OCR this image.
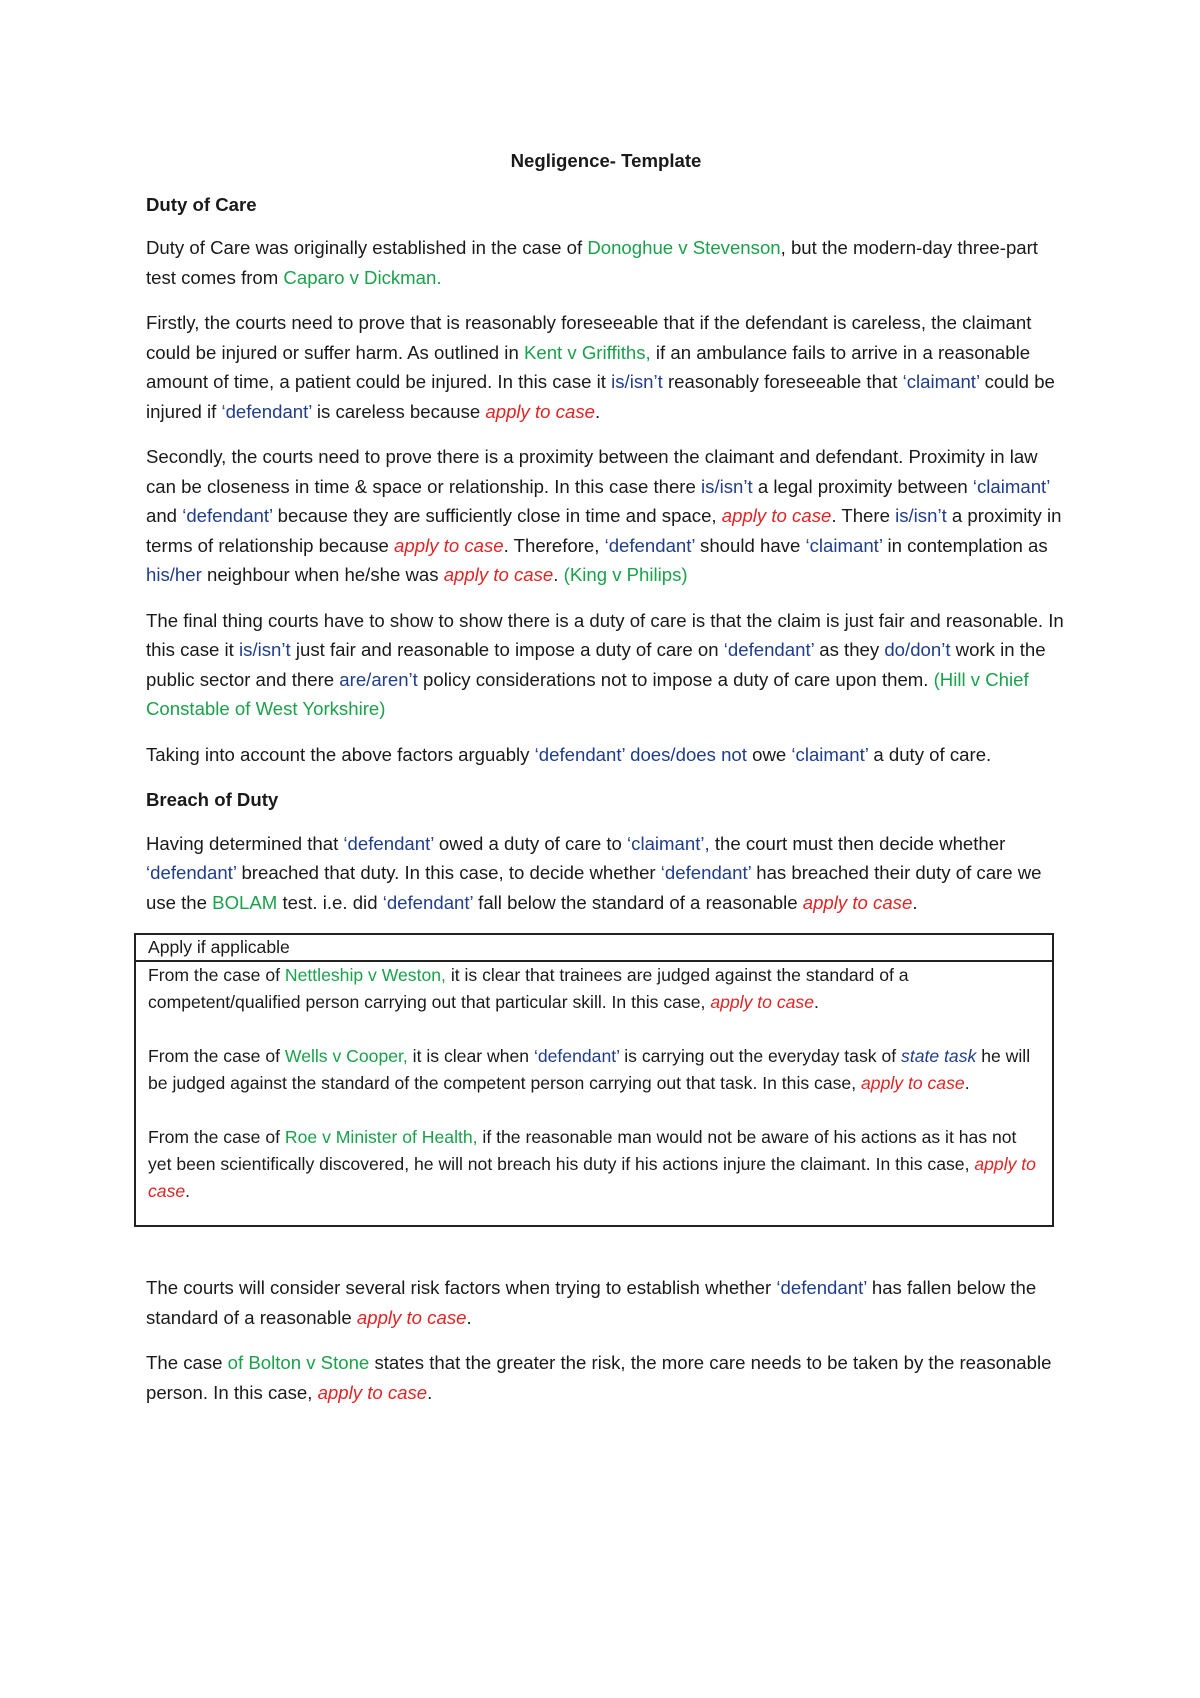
Negligence- Template
Duty of Care

Duty of Care was originally established in the case of Donoghue v Stevenson, but the modern-day three-part test comes from Caparo v Dickman.

Firstly, the courts need to prove that is reasonably foreseeable that if the defendant is careless, the claimant could be injured or suffer harm. As outlined in Kent v Griffiths, if an ambulance fails to arrive in a reasonable amount of time, a patient could be injured. In this case it is/isn’t reasonably foreseeable that ‘claimant’ could be injured if ‘defendant’ is careless because apply to case.

Secondly, the courts need to prove there is a proximity between the claimant and defendant. Proximity in law can be closeness in time & space or relationship. In this case there is/isn’t a legal proximity between ‘claimant’ and ‘defendant’ because they are sufficiently close in time and space, apply to case. There is/isn’t a proximity in terms of relationship because apply to case. Therefore, ‘defendant’ should have ‘claimant’ in contemplation as his/her neighbour when he/she was apply to case. (King v Philips)

The final thing courts have to show to show there is a duty of care is that the claim is just fair and reasonable. In this case it is/isn’t just fair and reasonable to impose a duty of care on ‘defendant’ as they do/don’t work in the public sector and there are/aren’t policy considerations not to impose a duty of care upon them. (Hill v Chief Constable of West Yorkshire)

Taking into account the above factors arguably ‘defendant’ does/does not owe ‘claimant’ a duty of care.

Breach of Duty

Having determined that ‘defendant’ owed a duty of care to ‘claimant’, the court must then decide whether ‘defendant’ breached that duty. In this case, to decide whether ‘defendant’ has breached their duty of care we use the BOLAM test. i.e. did ‘defendant’ fall below the standard of a reasonable apply to case.

Apply if applicable

From the case of Nettleship v Weston, it is clear that trainees are judged against the standard of a competent/qualified person carrying out that particular skill. In this case, apply to case.

From the case of Wells v Cooper, it is clear when ‘defendant’ is carrying out the everyday task of state task he will be judged against the standard of the competent person carrying out that task. In this case, apply to case.

From the case of Roe v Minister of Health, if the reasonable man would not be aware of his actions as it has not yet been scientifically discovered, he will not breach his duty if his actions injure the claimant. In this case, apply to case.

The courts will consider several risk factors when trying to establish whether ‘defendant’ has fallen below the standard of a reasonable apply to case.

The case of Bolton v Stone states that the greater the risk, the more care needs to be taken by the reasonable person. In this case, apply to case.
